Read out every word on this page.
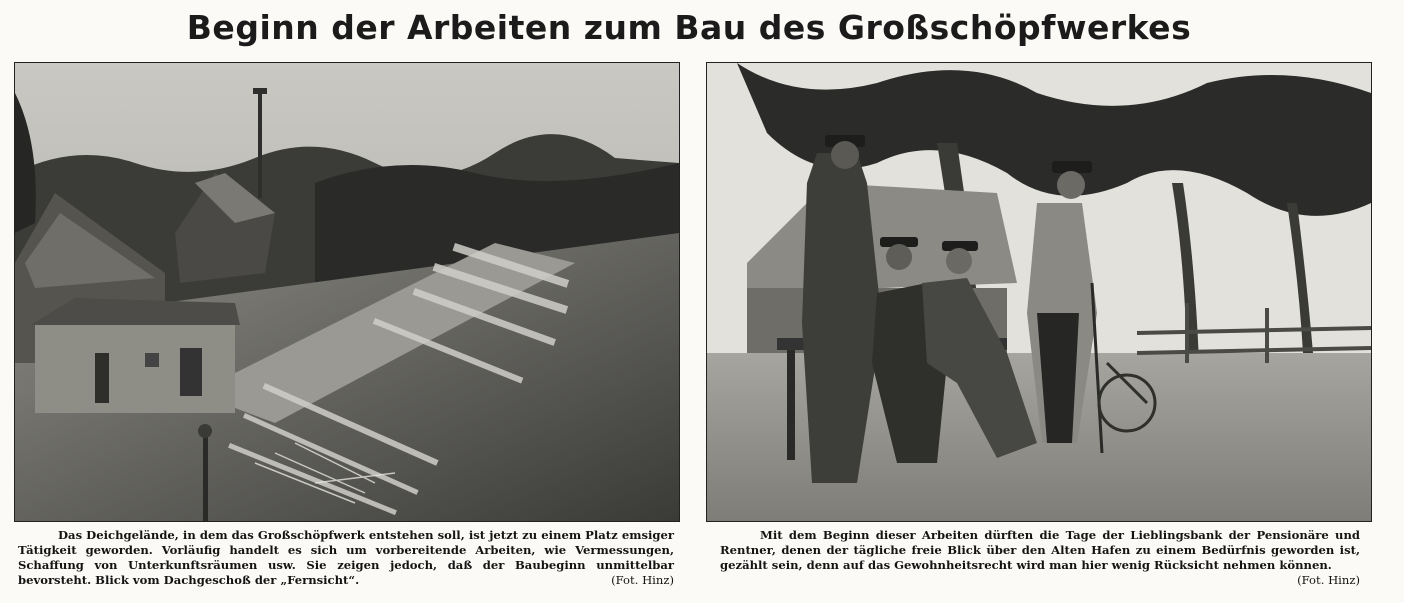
Beginn der Arbeiten zum Bau des Großschöpfwerkes

Das Deichgelände, in dem das Großschöpfwerk entstehen soll, ist jetzt zu einem Platz emsiger Tätigkeit geworden. Vorläufig handelt es sich um vorbereitende Arbeiten, wie Vermessungen, Schaffung von Unterkunftsräumen usw. Sie zeigen jedoch, daß der Baubeginn unmittelbar bevorsteht. Blick vom Dachgeschoß der „Fernsicht“.	(Fot. Hinz)

Mit dem Beginn dieser Arbeiten dürften die Tage der Lieblingsbank der Pensionäre und Rentner, denen der tägliche freie Blick über den Alten Hafen zu einem Bedürfnis geworden ist, gezählt sein, denn auf das Gewohnheitsrecht wird man hier wenig Rücksicht nehmen können.
(Fot. Hinz)
